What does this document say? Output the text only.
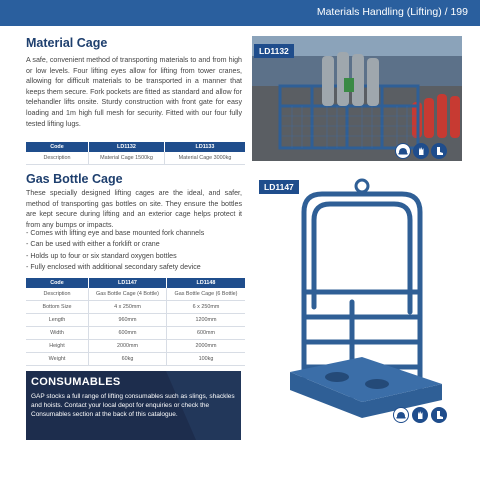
Materials Handling (Lifting) / 199
Material Cage

A safe, convenient method of transporting materials to and from high or low levels. Four lifting eyes allow for lifting from tower cranes, allowing for difficult materials to be transported in a manner that keeps them secure. Fork pockets are fitted as standard and allow for telehandler lifts onsite. Sturdy construction with front gate for easy loading and 1m high full mesh for security. Fitted with our four fully tested lifting lugs.

LD1132
Code	LD1132	LD1133
Description	Material Cage 1500kg	Material Cage 3000kg
Gas Bottle Cage

These specially designed lifting cages are the ideal, and safer, method of transporting gas bottles on site. They ensure the bottles are kept secure during lifting and an exterior cage helps protect it from any bumps or impacts.

- Comes with lifting eye and base mounted fork channels
- Can be used with either a forklift or crane
- Holds up to four or six standard oxygen bottles
- Fully enclosed with additional secondary safety device
LD1147
Code	LD1147	LD1148
Description	Gas Bottle Cage (4 Bottle)	Gas Bottle Cage (6 Bottle)
Bottom Size	4 x 250mm	6 x 250mm
Length	960mm	1200mm
Width	600mm	600mm
Height	2000mm	2000mm
Weight	60kg	100kg
CONSUMABLES

GAP stocks a full range of lifting consumables such as slings, shackles and hoists. Contact your local depot for enquiries or check the Consumables section at the back of this catalogue.
